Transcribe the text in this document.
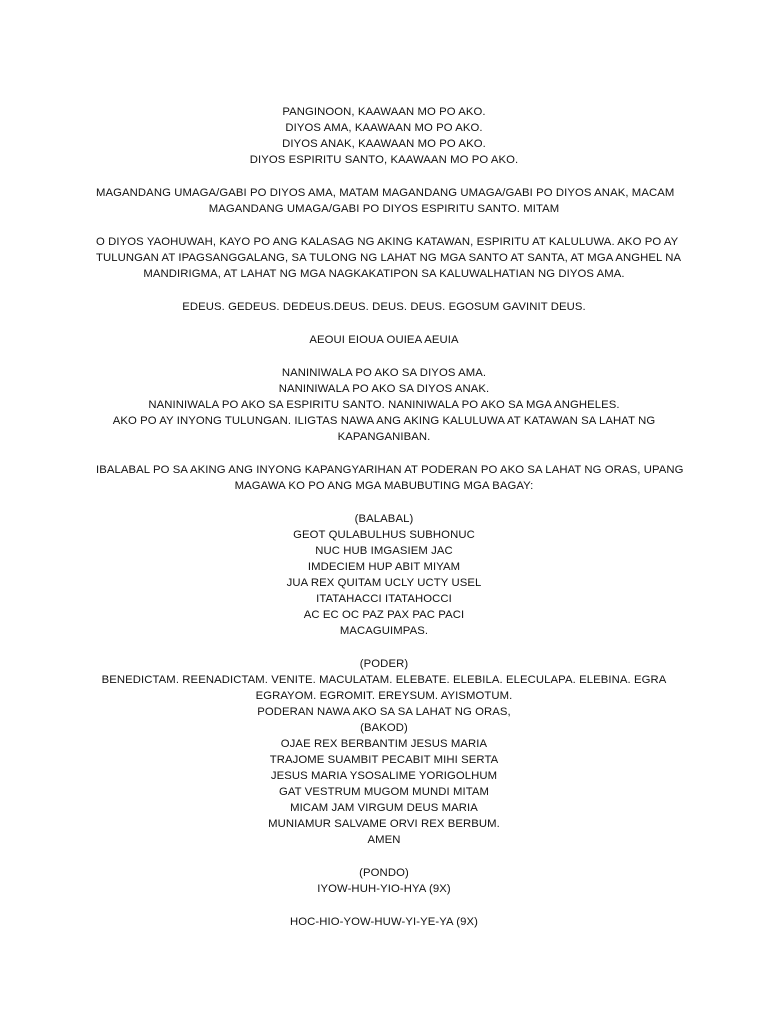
PANGINOON, KAAWAAN MO PO AKO.
DIYOS AMA, KAAWAAN MO PO AKO.
DIYOS ANAK, KAAWAAN MO PO AKO.
DIYOS ESPIRITU SANTO, KAAWAAN MO PO AKO.

MAGANDANG UMAGA/GABI PO DIYOS AMA, MATAM MAGANDANG UMAGA/GABI PO DIYOS ANAK, MACAM
MAGANDANG UMAGA/GABI PO DIYOS ESPIRITU SANTO. MITAM

O DIYOS YAOHUWAH, KAYO PO ANG KALASAG NG AKING KATAWAN, ESPIRITU AT KALULUWA. AKO PO AY
TULUNGAN AT IPAGSANGGALANG, SA TULONG NG LAHAT NG MGA SANTO AT SANTA, AT MGA ANGHEL NA
MANDIRIGMA, AT LAHAT NG MGA NAGKAKATIPON SA KALUWALHATIAN NG DIYOS AMA.

EDEUS. GEDEUS. DEDEUS.DEUS. DEUS. DEUS. EGOSUM GAVINIT DEUS.

AEOUI EIOUA OUIEA AEUIA

NANINIWALA PO AKO SA DIYOS AMA.
NANINIWALA PO AKO SA DIYOS ANAK.
NANINIWALA PO AKO SA ESPIRITU SANTO. NANINIWALA PO AKO SA MGA ANGHELES.
AKO PO AY INYONG TULUNGAN. ILIGTAS NAWA ANG AKING KALULUWA AT KATAWAN SA LAHAT NG
KAPANGANIBAN.

IBALABAL PO SA AKING ANG INYONG KAPANGYARIHAN AT PODERAN PO AKO SA LAHAT NG ORAS, UPANG
MAGAWA KO PO ANG MGA MABUBUTING MGA BAGAY:

(BALABAL)
GEOT QULABULHUS SUBHONUC
NUC HUB IMGASIEM JAC
IMDECIEM HUP ABIT MIYAM
JUA REX QUITAM UCLY UCTY USEL
ITATAHACCI ITATAHOCCI
AC EC OC PAZ PAX PAC PACI
MACAGUIMPAS.

(PODER)
BENEDICTAM. REENADICTAM. VENITE. MACULATAM. ELEBATE. ELEBILA. ELECULAPA. ELEBINA. EGRA
EGRAYOM. EGROMIT. EREYSUM. AYISMOTUM.
PODERAN NAWA AKO SA SA LAHAT NG ORAS,
(BAKOD)
OJAE REX BERBANTIM JESUS MARIA
TRAJOME SUAMBIT PECABIT MIHI SERTA
JESUS MARIA YSOSALIME YORIGOLHUM
GAT VESTRUM MUGOM MUNDI MITAM
MICAM JAM VIRGUM DEUS MARIA
MUNIAMUR SALVAME ORVI REX BERBUM.
AMEN

(PONDO)
IYOW-HUH-YIO-HYA (9X)

HOC-HIO-YOW-HUW-YI-YE-YA (9X)
